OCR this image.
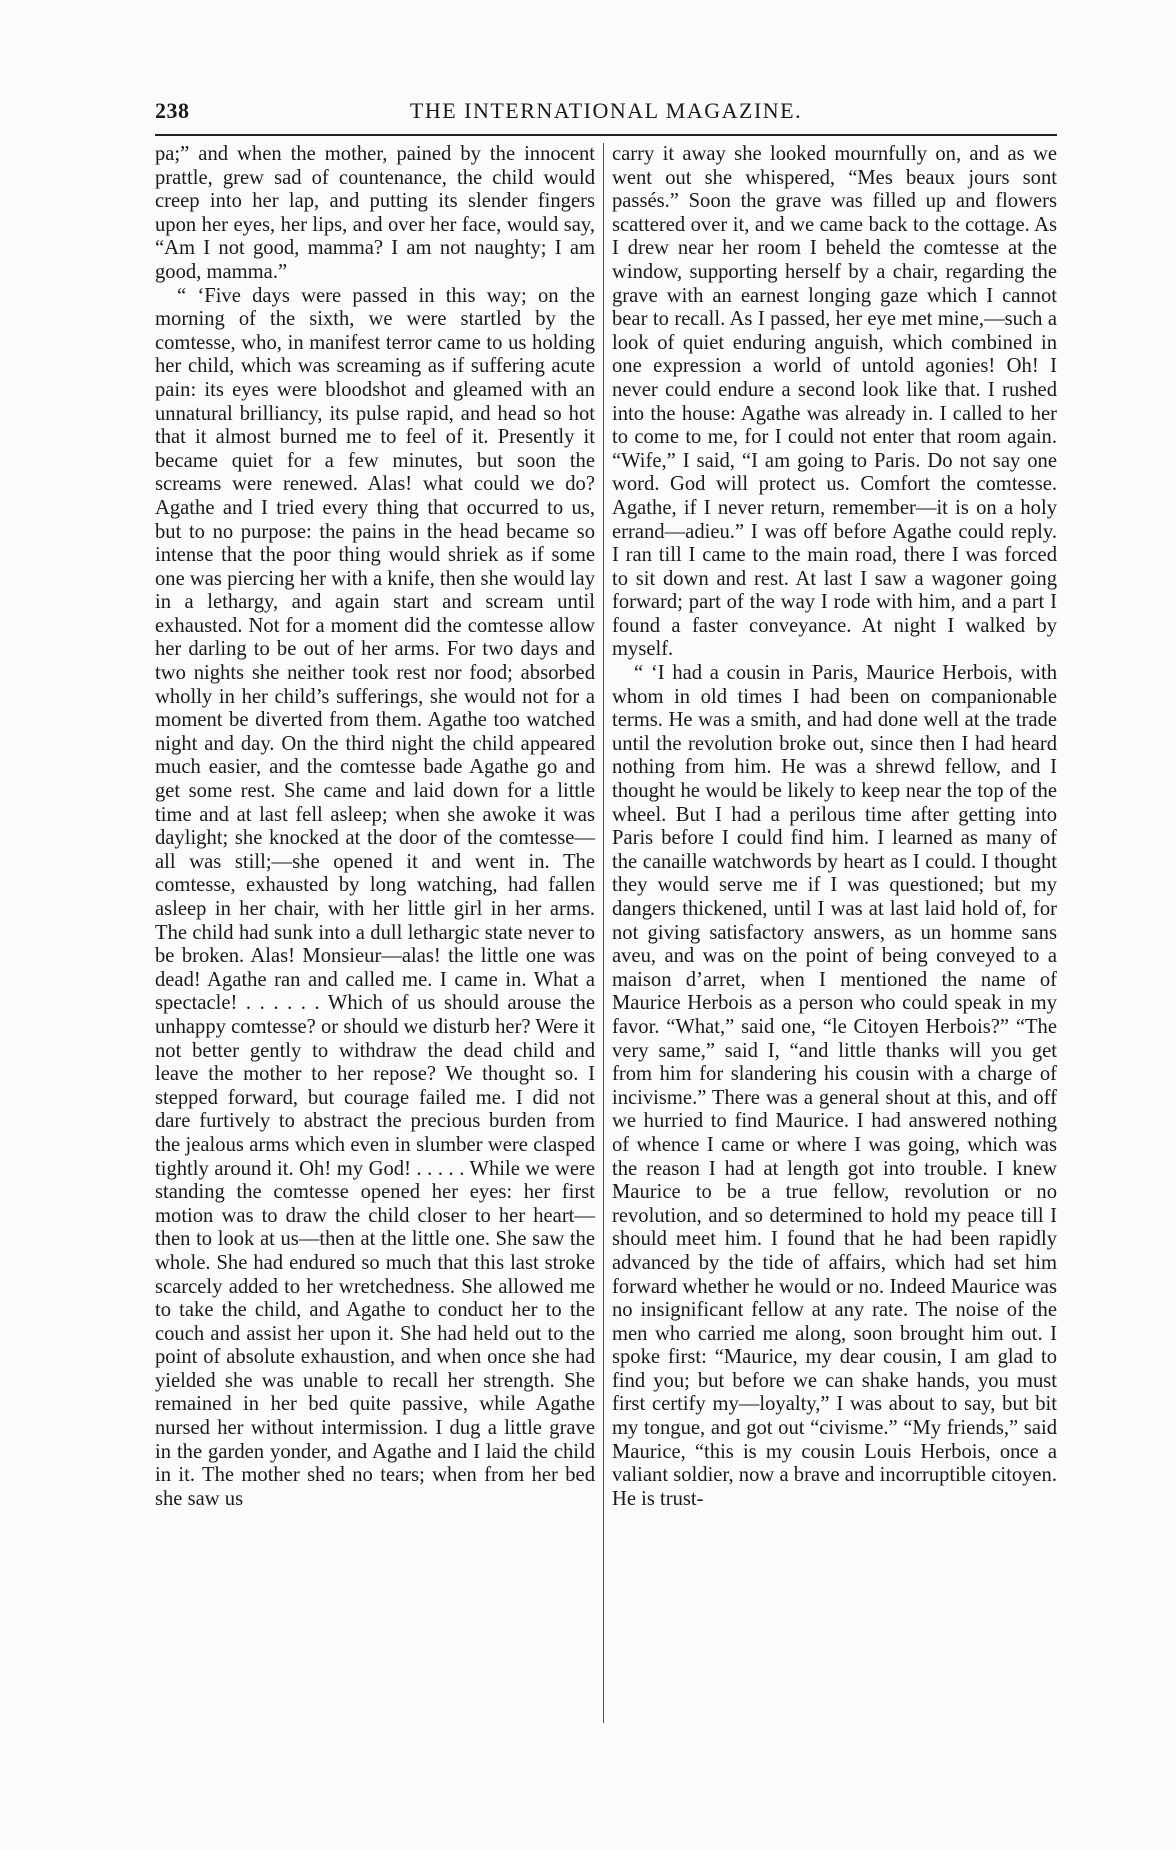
238	THE INTERNATIONAL MAGAZINE.

pa;” and when the mother, pained by the innocent prattle, grew sad of countenance, the child would creep into her lap, and putting its slender fingers upon her eyes, her lips, and over her face, would say, “Am I not good, mamma? I am not naughty; I am good, mamma.”

“ ‘Five days were passed in this way; on the morning of the sixth, we were startled by the comtesse, who, in manifest terror came to us holding her child, which was screaming as if suffering acute pain: its eyes were bloodshot and gleamed with an unnatural brilliancy, its pulse rapid, and head so hot that it almost burned me to feel of it. Presently it became quiet for a few minutes, but soon the screams were renewed. Alas! what could we do? Agathe and I tried every thing that occurred to us, but to no purpose: the pains in the head became so intense that the poor thing would shriek as if some one was piercing her with a knife, then she would lay in a lethargy, and again start and scream until exhausted. Not for a moment did the comtesse allow her darling to be out of her arms. For two days and two nights she neither took rest nor food; absorbed wholly in her child’s sufferings, she would not for a moment be diverted from them. Agathe too watched night and day. On the third night the child appeared much easier, and the comtesse bade Agathe go and get some rest. She came and laid down for a little time and at last fell asleep; when she awoke it was daylight; she knocked at the door of the comtesse—all was still;—she opened it and went in. The comtesse, exhausted by long watching, had fallen asleep in her chair, with her little girl in her arms. The child had sunk into a dull lethargic state never to be broken. Alas! Monsieur—alas! the little one was dead! Agathe ran and called me. I came in. What a spectacle! . . . . . . Which of us should arouse the unhappy comtesse? or should we disturb her? Were it not better gently to withdraw the dead child and leave the mother to her repose? We thought so. I stepped forward, but courage failed me. I did not dare furtively to abstract the precious burden from the jealous arms which even in slumber were clasped tightly around it. Oh! my God! . . . . . While we were standing the comtesse opened her eyes: her first motion was to draw the child closer to her heart—then to look at us—then at the little one. She saw the whole. She had endured so much that this last stroke scarcely added to her wretchedness. She allowed me to take the child, and Agathe to conduct her to the couch and assist her upon it. She had held out to the point of absolute exhaustion, and when once she had yielded she was unable to recall her strength. She remained in her bed quite passive, while Agathe nursed her without intermission. I dug a little grave in the garden yonder, and Agathe and I laid the child in it. The mother shed no tears; when from her bed she saw us

carry it away she looked mournfully on, and as we went out she whispered, “Mes beaux jours sont passés.” Soon the grave was filled up and flowers scattered over it, and we came back to the cottage. As I drew near her room I beheld the comtesse at the window, supporting herself by a chair, regarding the grave with an earnest longing gaze which I cannot bear to recall. As I passed, her eye met mine,—such a look of quiet enduring anguish, which combined in one expression a world of untold agonies! Oh! I never could endure a second look like that. I rushed into the house: Agathe was already in. I called to her to come to me, for I could not enter that room again. “Wife,” I said, “I am going to Paris. Do not say one word. God will protect us. Comfort the comtesse. Agathe, if I never return, remember—it is on a holy errand—adieu.” I was off before Agathe could reply. I ran till I came to the main road, there I was forced to sit down and rest. At last I saw a wagoner going forward; part of the way I rode with him, and a part I found a faster conveyance. At night I walked by myself.

“ ‘I had a cousin in Paris, Maurice Herbois, with whom in old times I had been on companionable terms. He was a smith, and had done well at the trade until the revolution broke out, since then I had heard nothing from him. He was a shrewd fellow, and I thought he would be likely to keep near the top of the wheel. But I had a perilous time after getting into Paris before I could find him. I learned as many of the canaille watchwords by heart as I could. I thought they would serve me if I was questioned; but my dangers thickened, until I was at last laid hold of, for not giving satisfactory answers, as un homme sans aveu, and was on the point of being conveyed to a maison d’arret, when I mentioned the name of Maurice Herbois as a person who could speak in my favor. “What,” said one, “le Citoyen Herbois?” “The very same,” said I, “and little thanks will you get from him for slandering his cousin with a charge of incivisme.” There was a general shout at this, and off we hurried to find Maurice. I had answered nothing of whence I came or where I was going, which was the reason I had at length got into trouble. I knew Maurice to be a true fellow, revolution or no revolution, and so determined to hold my peace till I should meet him. I found that he had been rapidly advanced by the tide of affairs, which had set him forward whether he would or no. Indeed Maurice was no insignificant fellow at any rate. The noise of the men who carried me along, soon brought him out. I spoke first: “Maurice, my dear cousin, I am glad to find you; but before we can shake hands, you must first certify my—loyalty,” I was about to say, but bit my tongue, and got out “civisme.” “My friends,” said Maurice, “this is my cousin Louis Herbois, once a valiant soldier, now a brave and incorruptible citoyen. He is trust-
